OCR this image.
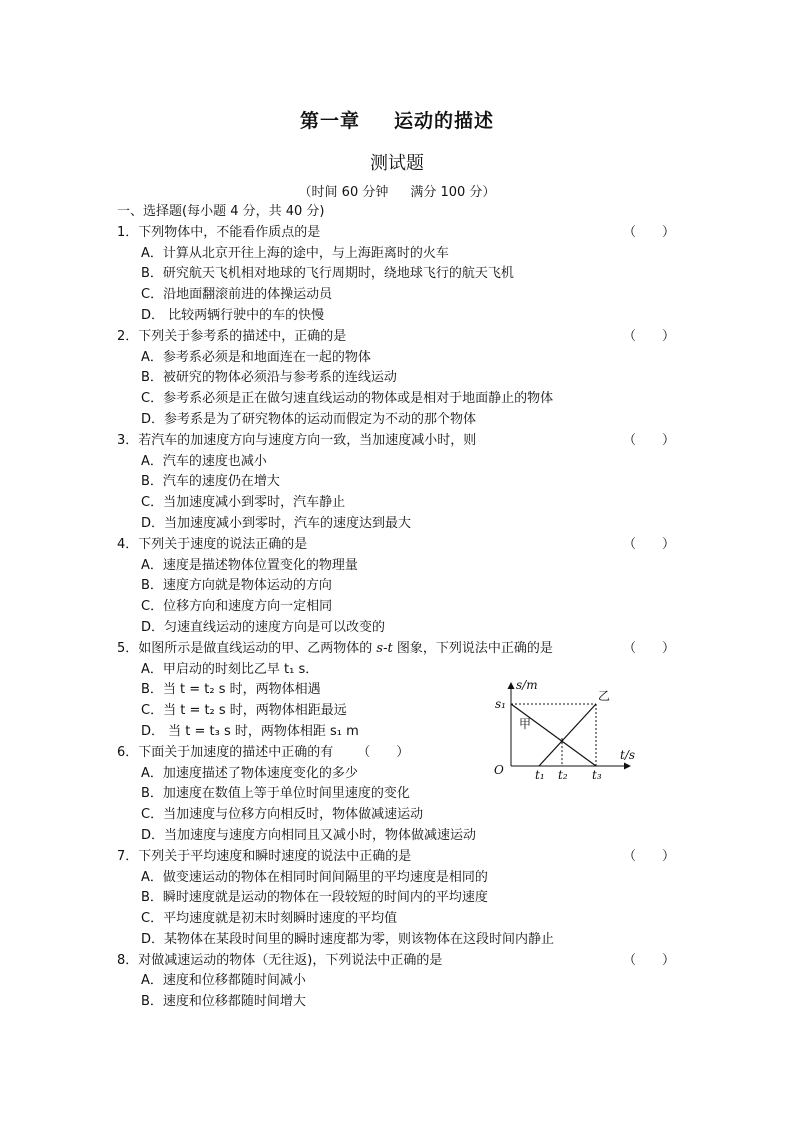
第一章 运动的描述
测试题
（时间 60 分钟 满分 100 分）
一、选择题(每小题 4 分，共 40 分)
1．下列物体中，不能看作质点的是	（　　）
A．计算从北京开往上海的途中，与上海距离时的火车
B．研究航天飞机相对地球的飞行周期时，绕地球飞行的航天飞机
C．沿地面翻滚前进的体操运动员
D． 比较两辆行驶中的车的快慢
2．下列关于参考系的描述中，正确的是	（　　）
A．参考系必须是和地面连在一起的物体
B．被研究的物体必须沿与参考系的连线运动
C．参考系必须是正在做匀速直线运动的物体或是相对于地面静止的物体
D．参考系是为了研究物体的运动而假定为不动的那个物体
3．若汽车的加速度方向与速度方向一致，当加速度减小时，则	（　　）
A．汽车的速度也减小
B．汽车的速度仍在增大
C．当加速度减小到零时，汽车静止
D．当加速度减小到零时，汽车的速度达到最大
4．下列关于速度的说法正确的是	（　　）
A．速度是描述物体位置变化的物理量
B．速度方向就是物体运动的方向
C．位移方向和速度方向一定相同
D．匀速直线运动的速度方向是可以改变的
5．如图所示是做直线运动的甲、乙两物体的 s-t 图象，下列说法中正确的是	（　　）
A．甲启动的时刻比乙早 t₁ s．
B．当 t = t₂ s 时，两物体相遇
C．当 t = t₂ s 时，两物体相距最远
D． 当 t = t₃ s 时，两物体相距 s₁ m
6．下面关于加速度的描述中正确的有 （　　）
A．加速度描述了物体速度变化的多少
B．加速度在数值上等于单位时间里速度的变化
C．当加速度与位移方向相反时，物体做减速运动
D．当加速度与速度方向相同且又减小时，物体做减速运动
7．下列关于平均速度和瞬时速度的说法中正确的是	（　　）
A．做变速运动的物体在相同时间间隔里的平均速度是相同的
B．瞬时速度就是运动的物体在一段较短的时间内的平均速度
C．平均速度就是初末时刻瞬时速度的平均值
D．某物体在某段时间里的瞬时速度都为零，则该物体在这段时间内静止
8．对做减速运动的物体（无往返)，下列说法中正确的是	（　　）
A．速度和位移都随时间减小
B．速度和位移都随时间增大
s/m
t/s
O
甲
乙
s₁
t₁ t₂ t₃
